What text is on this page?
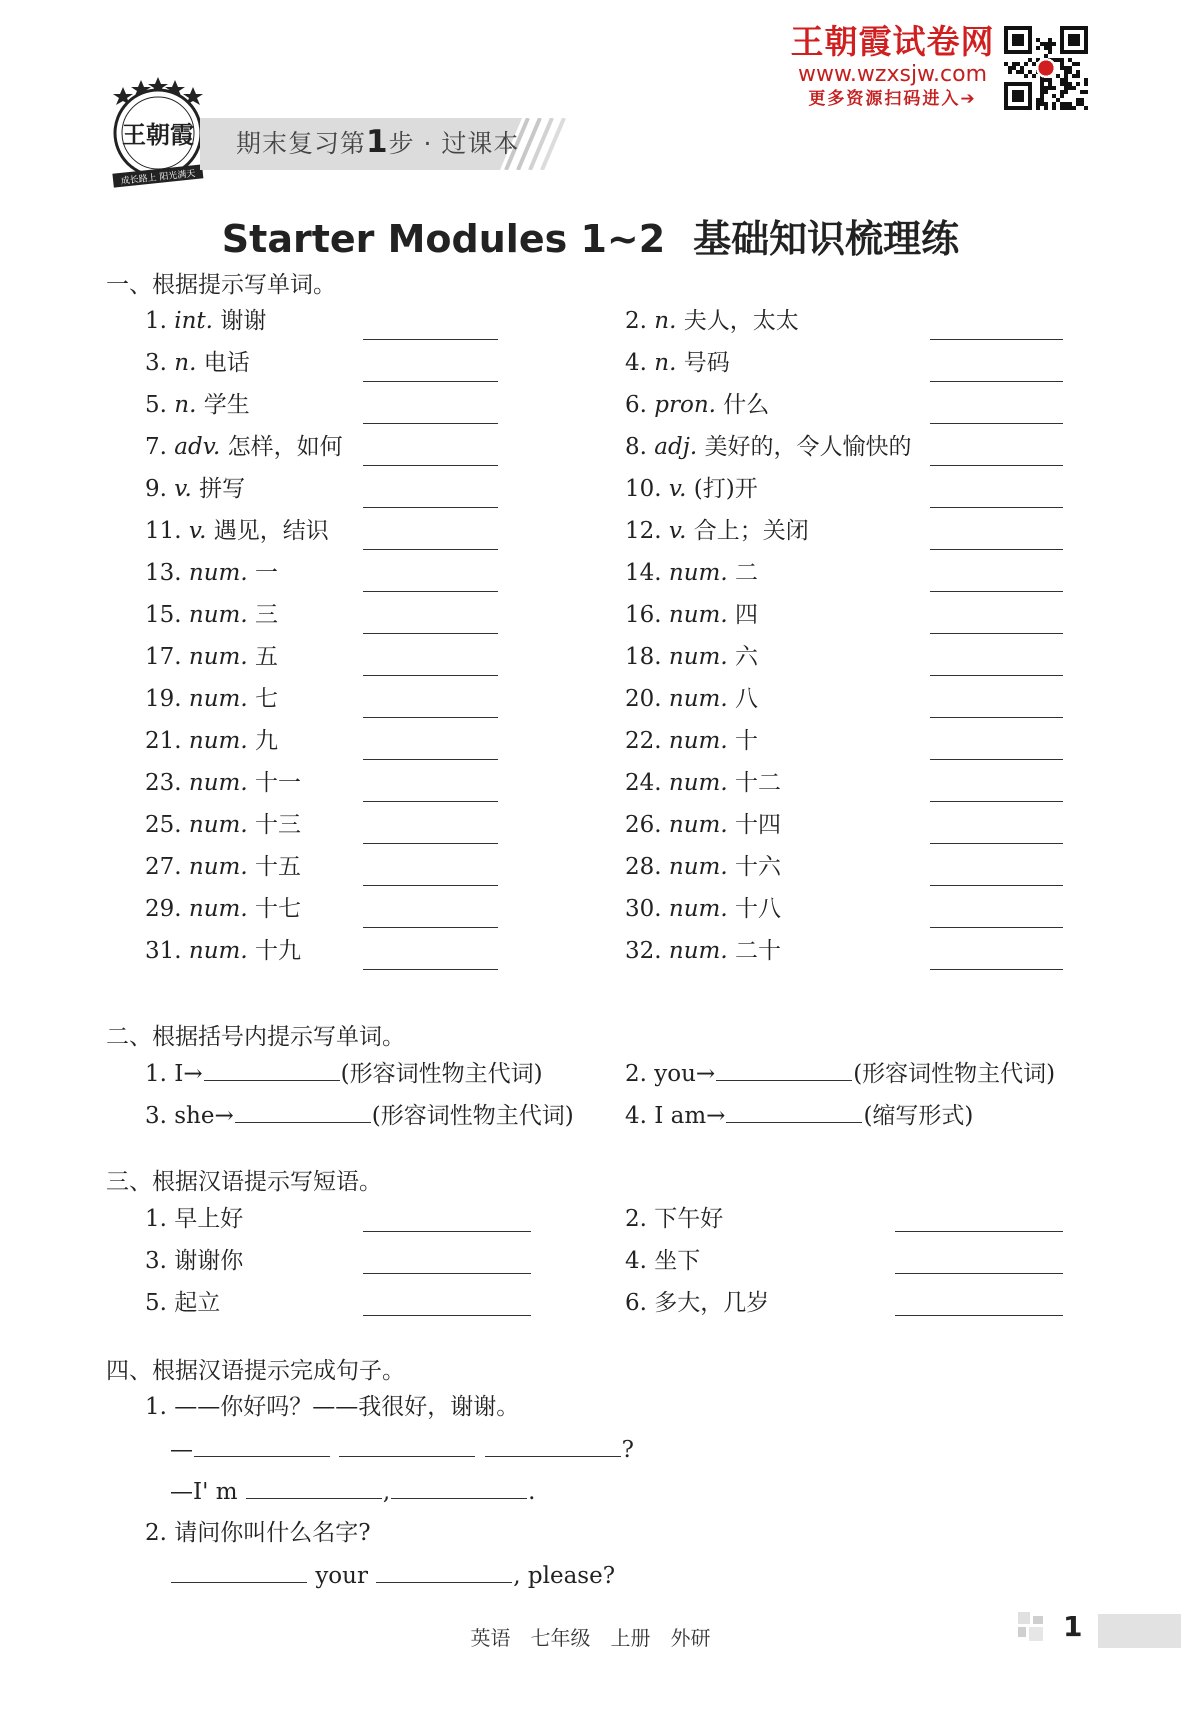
王朝霞
成长路上 阳光满天
期末复习第1步 · 过课本
王朝霞试卷网
www.wzxsjw.com
更多资源扫码进入➔
Starter Modules 1~2 基础知识梳理练
一、根据提示写单词。
1. int. 谢谢	2. n. 夫人，太太
3. n. 电话	4. n. 号码
5. n. 学生	6. pron. 什么
7. adv. 怎样，如何	8. adj. 美好的，令人愉快的
9. v. 拼写	10. v. (打)开
11. v. 遇见，结识	12. v. 合上；关闭
13. num. 一	14. num. 二
15. num. 三	16. num. 四
17. num. 五	18. num. 六
19. num. 七	20. num. 八
21. num. 九	22. num. 十
23. num. 十一	24. num. 十二
25. num. 十三	26. num. 十四
27. num. 十五	28. num. 十六
29. num. 十七	30. num. 十八
31. num. 十九	32. num. 二十
二、根据括号内提示写单词。
1. I→	(形容词性物主代词)	2. you→	(形容词性物主代词)
3. she→	(形容词性物主代词) 4. I am→	(缩写形式)
三、根据汉语提示写短语。
1. 早上好	2. 下午好
3. 谢谢你	4. 坐下
5. 起立	6. 多大，几岁
四、根据汉语提示完成句子。
1. ——你好吗？——我很好，谢谢。
—	?
—I' m	,	.
2. 请问你叫什么名字?
your	, please?
英语 七年级 上册 外研	1
